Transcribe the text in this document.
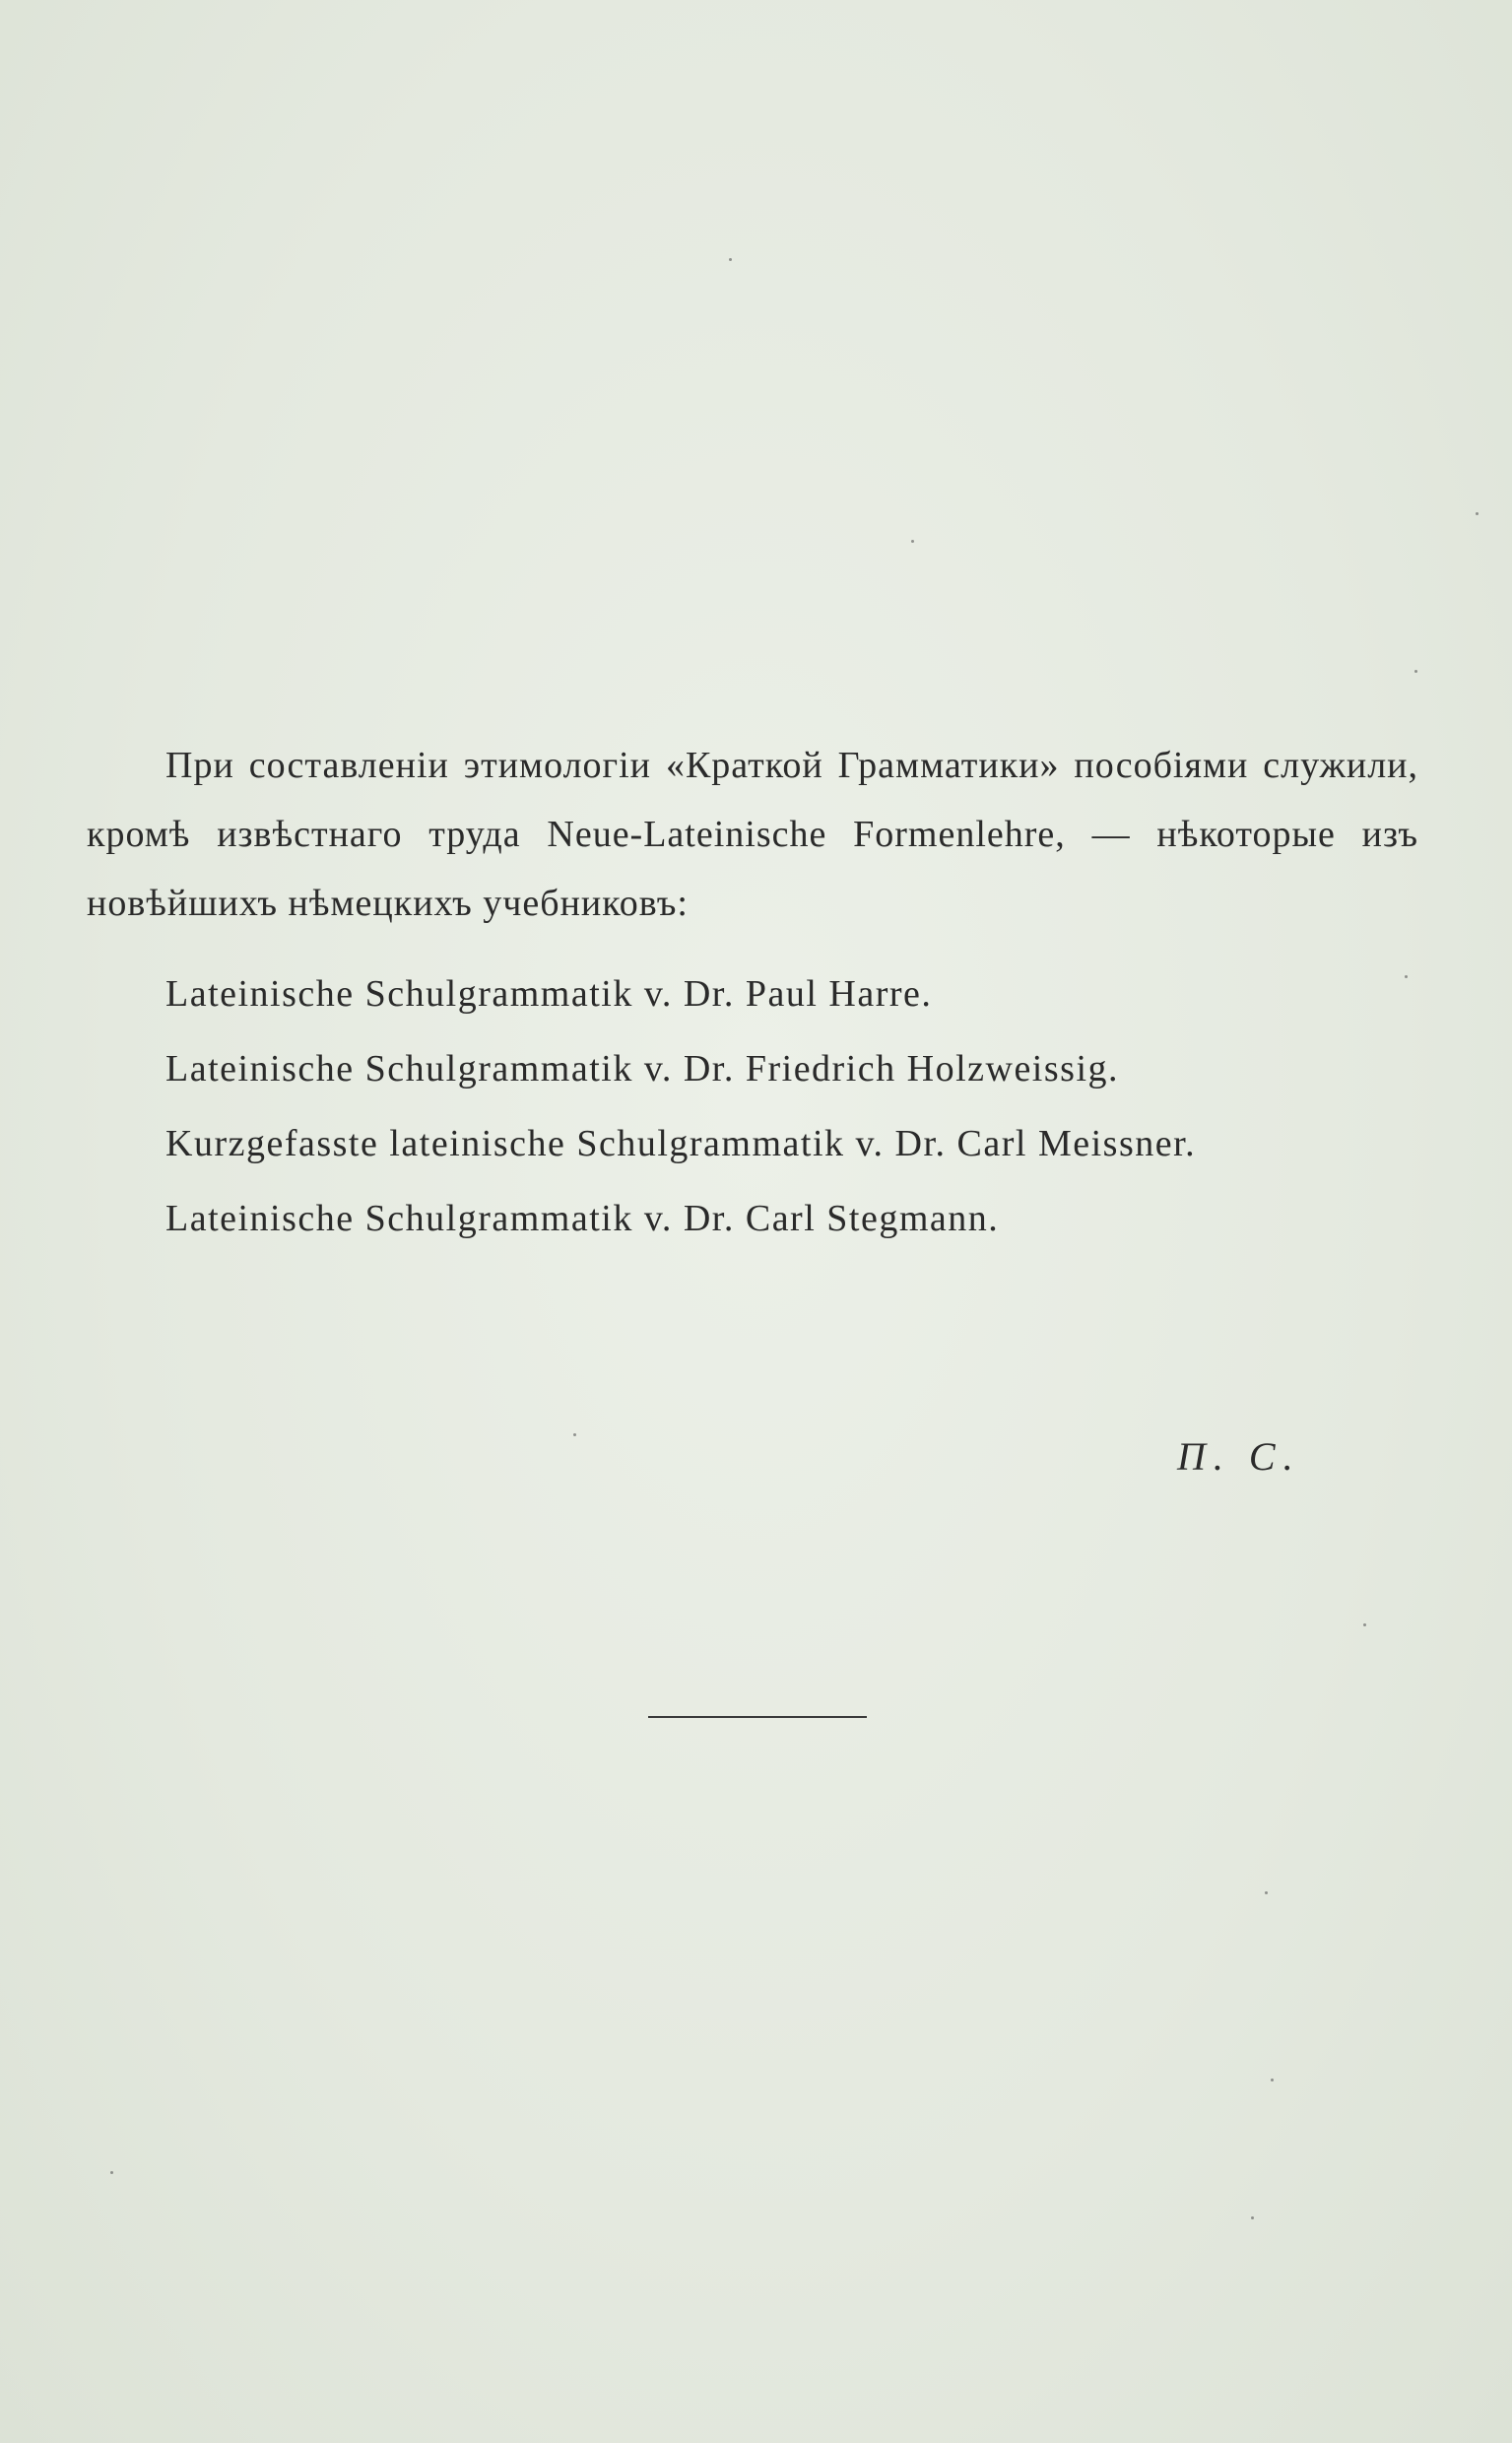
При составленіи этимологіи «Краткой Грамматики» пособіями служили, кромѣ извѣстнаго труда Neue-Lateinische Formenlehre, — нѣкоторые изъ новѣйшихъ нѣмецкихъ учебниковъ:

Lateinische Schulgrammatik v. Dr. Paul Harre.
Lateinische Schulgrammatik v. Dr. Friedrich Holzweissig.
Kurzgefasste lateinische Schulgrammatik v. Dr. Carl Meissner.
Lateinische Schulgrammatik v. Dr. Carl Stegmann.
П. С.
